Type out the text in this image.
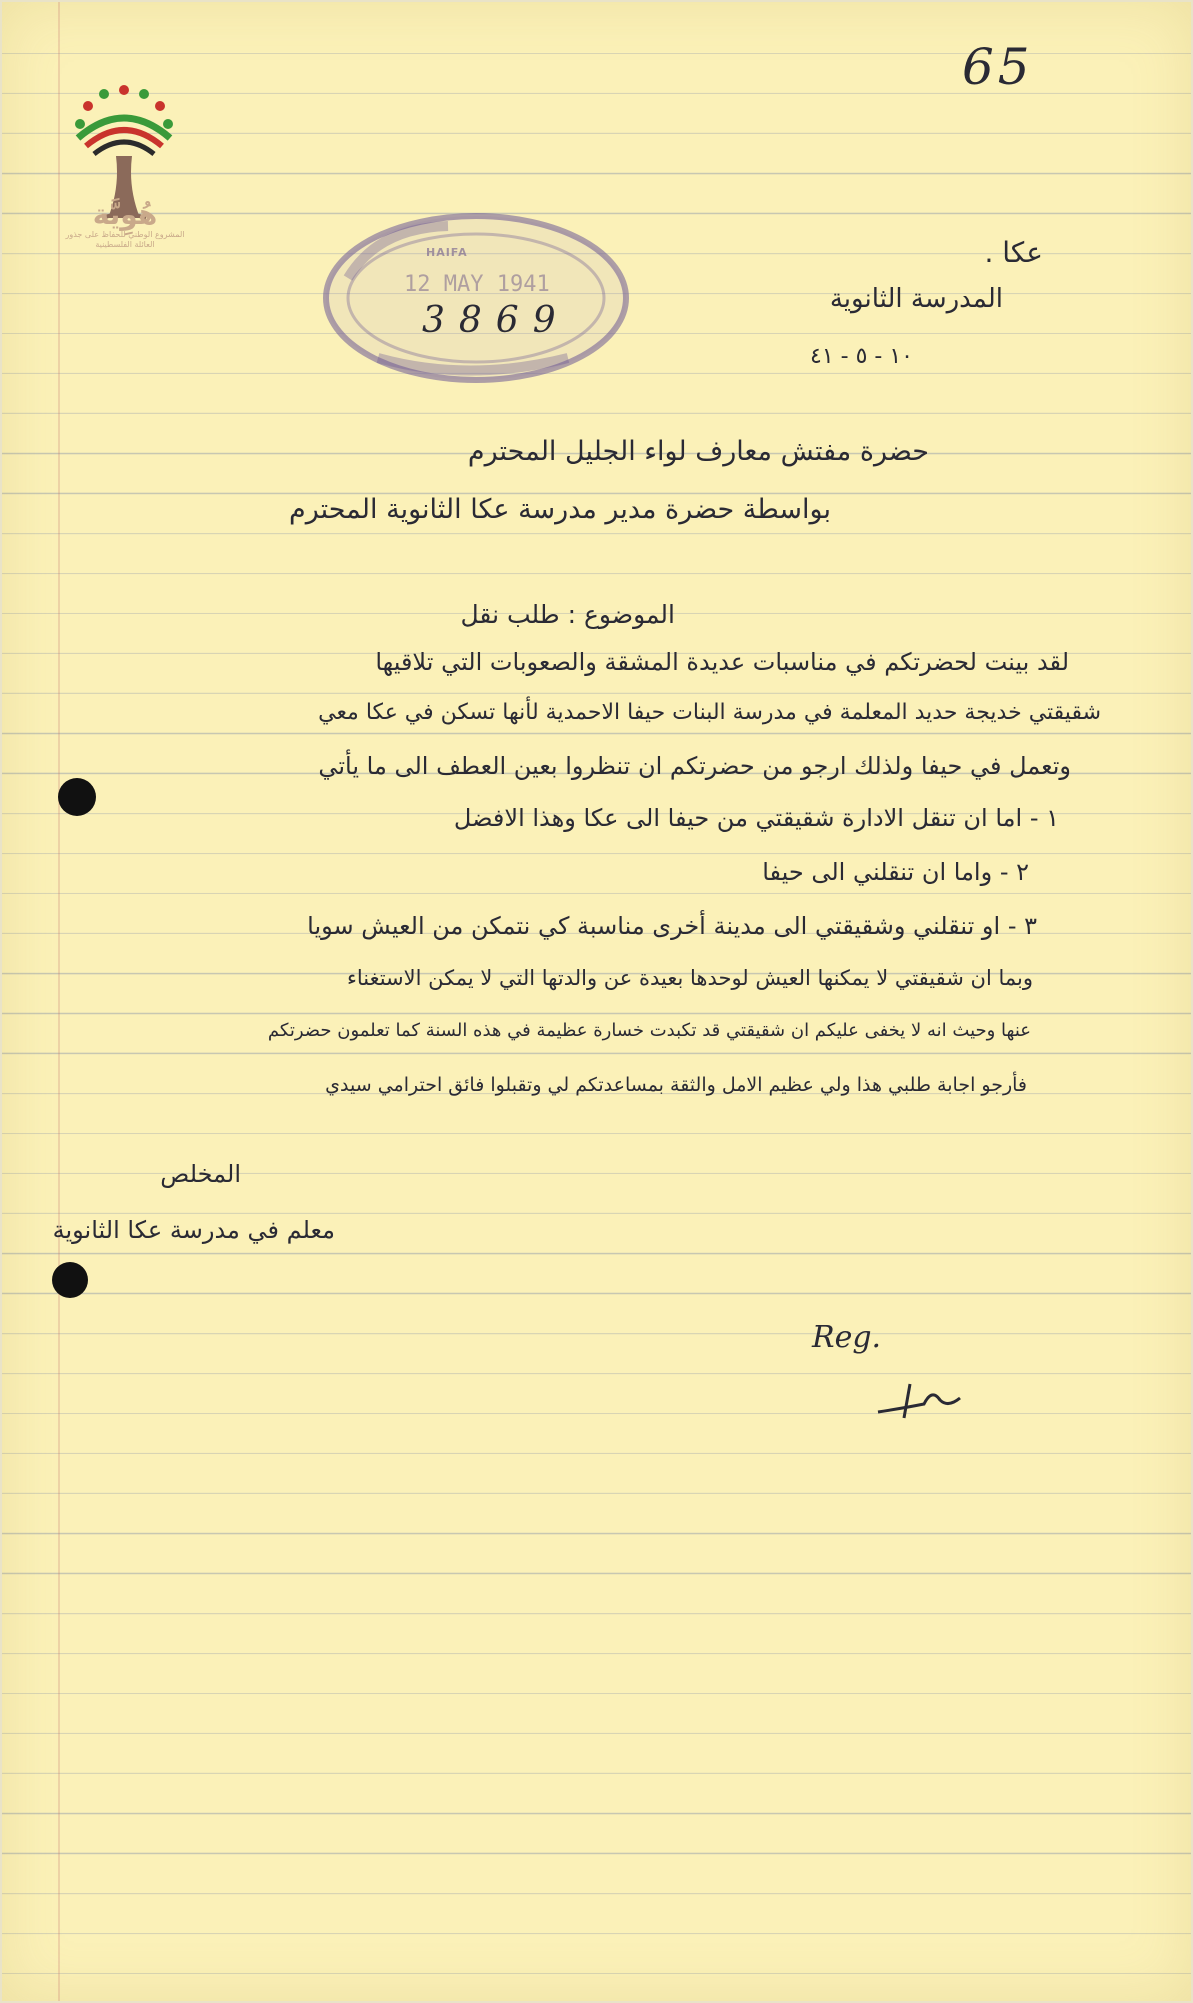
هُوِيَّة
المشروع الوطني للحفاظ على جذور العائلة الفلسطينية
65
HAIFA
12 MAY 1941
3869
عكا .
المدرسة الثانوية
١٠ - ٥ - ٤١
حضرة مفتش معارف لواء الجليل المحترم
بواسطة حضرة مدير مدرسة عكا الثانوية المحترم
الموضوع : طلب نقل
لقد بينت لحضرتكم في مناسبات عديدة المشقة والصعوبات التي تلاقيها
شقيقتي خديجة حديد المعلمة في مدرسة البنات حيفا الاحمدية لأنها تسكن في عكا معي
وتعمل في حيفا ولذلك ارجو من حضرتكم ان تنظروا بعين العطف الى ما يأتي
١ - اما ان تنقل الادارة شقيقتي من حيفا الى عكا وهذا الافضل
٢ - واما ان تنقلني الى حيفا
٣ - او تنقلني وشقيقتي الى مدينة أخرى مناسبة كي نتمكن من العيش سويا
وبما ان شقيقتي لا يمكنها العيش لوحدها بعيدة عن والدتها التي لا يمكن الاستغناء
عنها وحيث انه لا يخفى عليكم ان شقيقتي قد تكبدت خسارة عظيمة في هذه السنة كما تعلمون حضرتكم
فأرجو اجابة طلبي هذا ولي عظيم الامل والثقة بمساعدتكم لي وتقبلوا فائق احترامي سيدي
المخلص
معلم في مدرسة عكا الثانوية
Reg.
